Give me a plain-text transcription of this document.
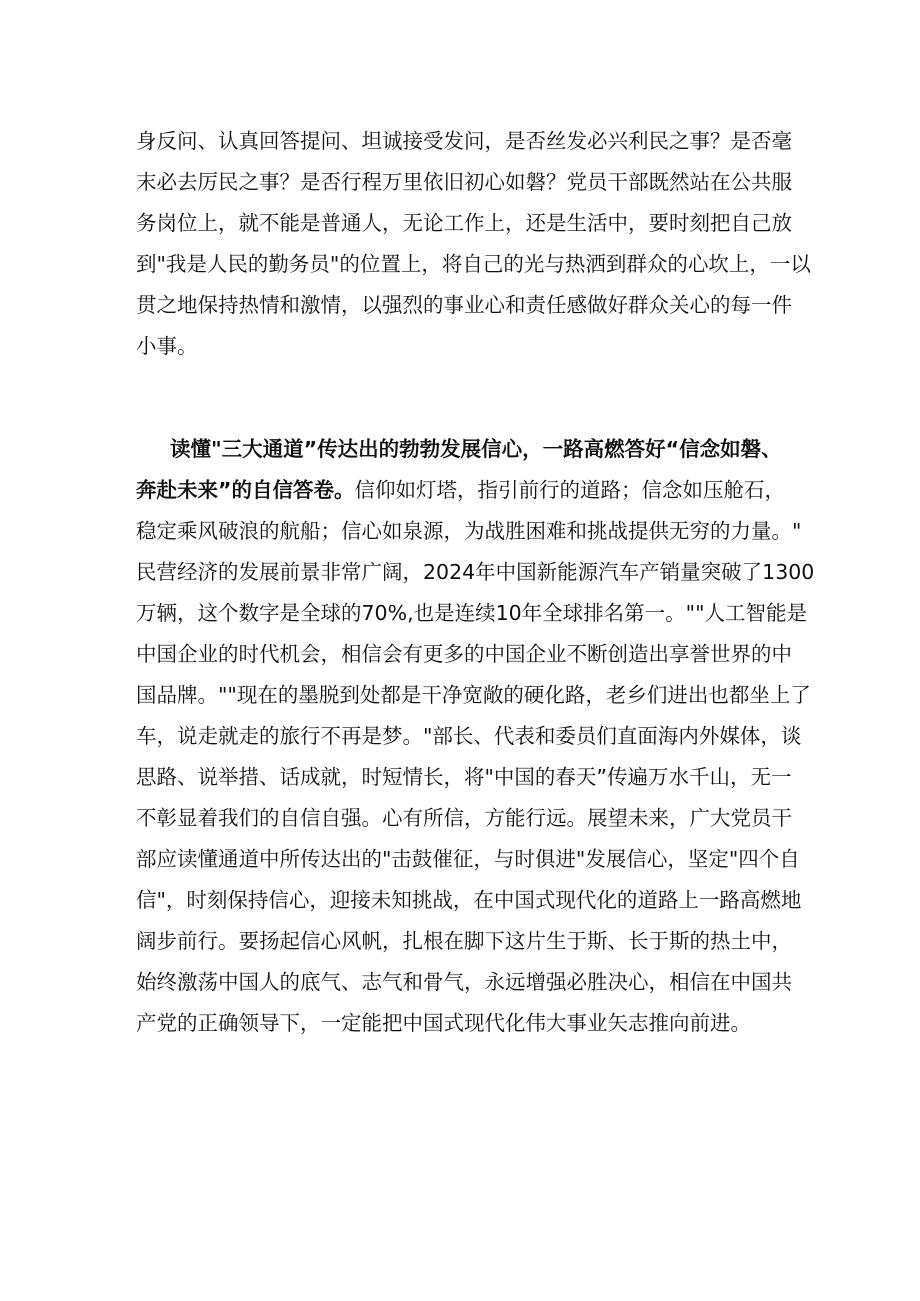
身反问、认真回答提问、坦诚接受发问，是否丝发必兴利民之事？是否毫
末必去厉民之事？是否行程万里依旧初心如磐？党员干部既然站在公共服
务岗位上，就不能是普通人，无论工作上，还是生活中，要时刻把自己放
到"我是人民的勤务员"的位置上，将自己的光与热洒到群众的心坎上，一以
贯之地保持热情和激情，以强烈的事业心和责任感做好群众关心的每一件
小事。
读懂"三大通道”传达出的勃勃发展信心，一路高燃答好“信念如磐、
奔赴未来”的自信答卷。信仰如灯塔，指引前行的道路；信念如压舱石，
稳定乘风破浪的航船；信心如泉源，为战胜困难和挑战提供无穷的力量。"
民营经济的发展前景非常广阔，2024年中国新能源汽车产销量突破了1300
万辆，这个数字是全球的70%,也是连续10年全球排名第一。""人工智能是
中国企业的时代机会，相信会有更多的中国企业不断创造出享誉世界的中
国品牌。""现在的墨脱到处都是干净宽敞的硬化路，老乡们进出也都坐上了
车，说走就走的旅行不再是梦。"部长、代表和委员们直面海内外媒体，谈
思路、说举措、话成就，时短情长，将"中国的春天”传遍万水千山，无一
不彰显着我们的自信自强。心有所信，方能行远。展望未来，广大党员干
部应读懂通道中所传达出的"击鼓催征，与时俱进"发展信心，坚定"四个自
信"，时刻保持信心，迎接未知挑战，在中国式现代化的道路上一路高燃地
阔步前行。要扬起信心风帆，扎根在脚下这片生于斯、长于斯的热土中，
始终激荡中国人的底气、志气和骨气，永远增强必胜决心，相信在中国共
产党的正确领导下，一定能把中国式现代化伟大事业矢志推向前进。
